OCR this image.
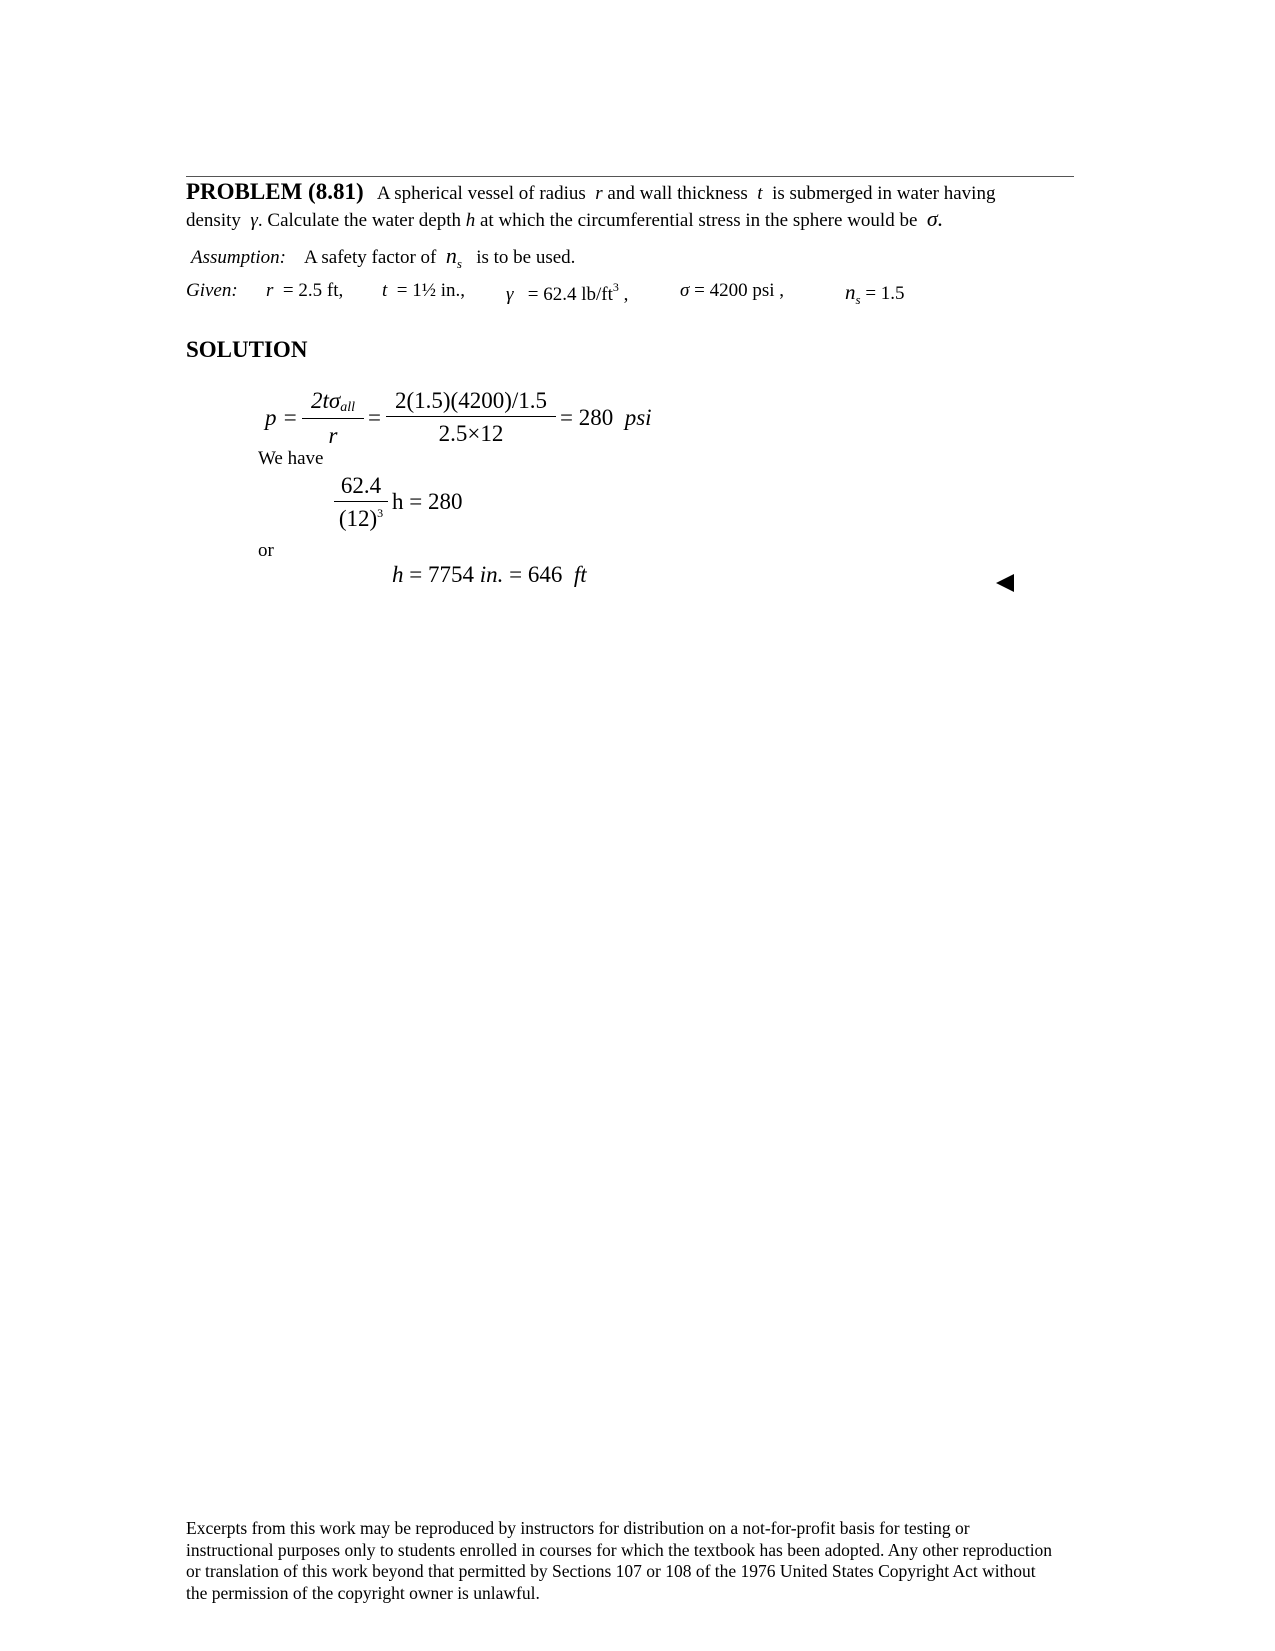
PROBLEM (8.81) A spherical vessel of radius r and wall thickness t is submerged in water having
density γ. Calculate the water depth h at which the circumferential stress in the sphere would be σ.
Assumption: A safety factor of $n_s$ is to be used.
Given: r = 2.5 ft, t = 1½ in., γ = 62.4 $lb/ft^3$ ,	σ = 4200 psi ,	$n_s = 1.5$
SOLUTION
p =
2tσall
r
=
2(1.5)(4200)/1.5
2.5×12
= 280 psi
We have
62.4
$(12)^3$ h = 280
or
h = 7754 in. = 646 ft
Excerpts from this work may be reproduced by instructors for distribution on a not-for-profit basis for testing or instructional purposes only to students enrolled in courses for which the textbook has been adopted. Any other reproduction or translation of this work beyond that permitted by Sections 107 or 108 of the 1976 United States Copyright Act without the permission of the copyright owner is unlawful.
